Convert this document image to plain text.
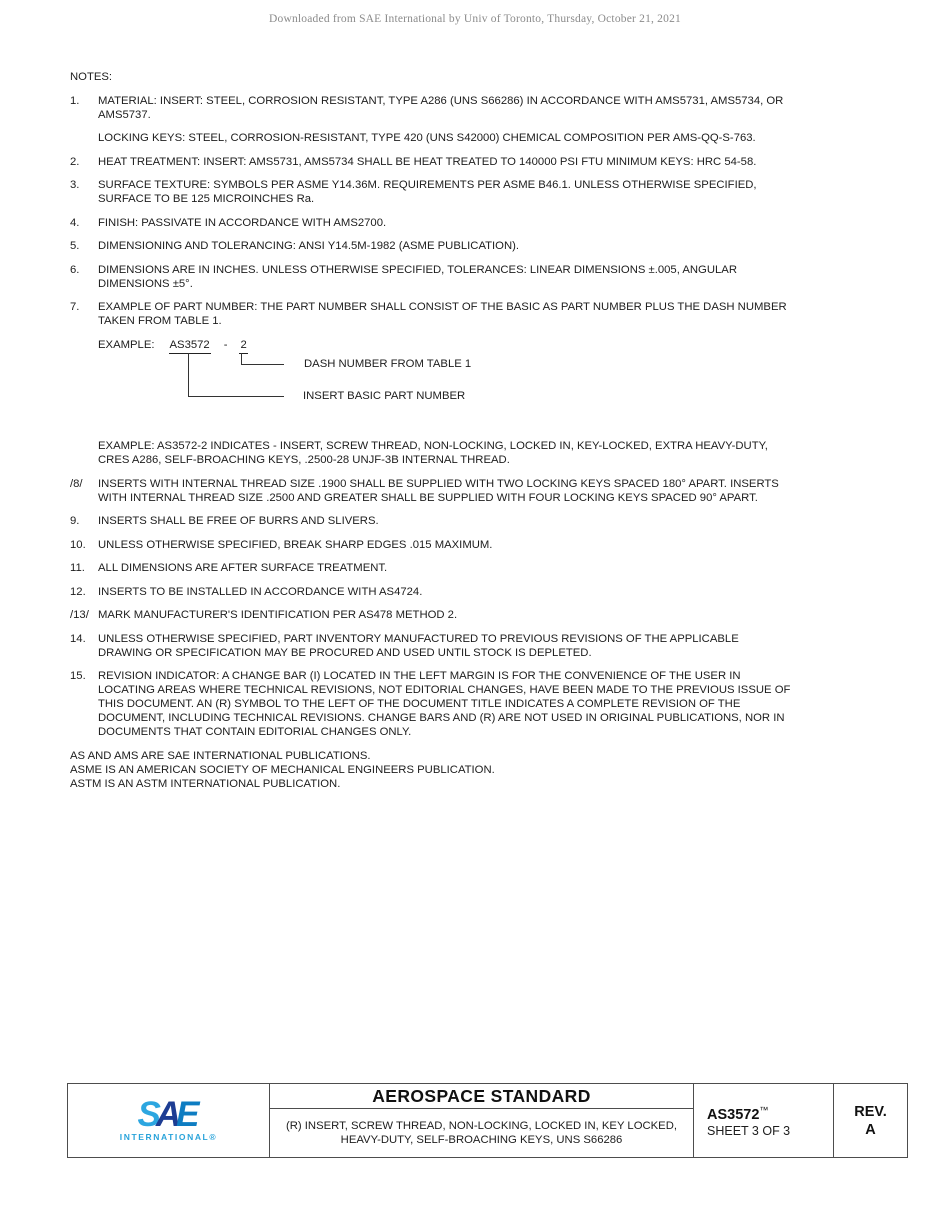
Downloaded from SAE International by Univ of Toronto, Thursday, October 21, 2021
NOTES:
1.	MATERIAL: INSERT: STEEL, CORROSION RESISTANT, TYPE A286 (UNS S66286) IN ACCORDANCE WITH AMS5731, AMS5734, OR
AMS5737.
LOCKING KEYS: STEEL, CORROSION-RESISTANT, TYPE 420 (UNS S42000) CHEMICAL COMPOSITION PER AMS-QQ-S-763.
2.	HEAT TREATMENT: INSERT: AMS5731, AMS5734 SHALL BE HEAT TREATED TO 140000 PSI FTU MINIMUM KEYS: HRC 54-58.
3.	SURFACE TEXTURE: SYMBOLS PER ASME Y14.36M. REQUIREMENTS PER ASME B46.1. UNLESS OTHERWISE SPECIFIED,
SURFACE TO BE 125 MICROINCHES Ra.
4.	FINISH: PASSIVATE IN ACCORDANCE WITH AMS2700.
5.	DIMENSIONING AND TOLERANCING: ANSI Y14.5M-1982 (ASME PUBLICATION).
6.	DIMENSIONS ARE IN INCHES. UNLESS OTHERWISE SPECIFIED, TOLERANCES: LINEAR DIMENSIONS ±.005, ANGULAR
DIMENSIONS ±5°.
7.	EXAMPLE OF PART NUMBER: THE PART NUMBER SHALL CONSIST OF THE BASIC AS PART NUMBER PLUS THE DASH NUMBER
TAKEN FROM TABLE 1.
EXAMPLE: AS3572 - 2
DASH NUMBER FROM TABLE 1
INSERT BASIC PART NUMBER
EXAMPLE: AS3572-2 INDICATES - INSERT, SCREW THREAD, NON-LOCKING, LOCKED IN, KEY-LOCKED, EXTRA HEAVY-DUTY,
CRES A286, SELF-BROACHING KEYS, .2500-28 UNJF-3B INTERNAL THREAD.
/8/	INSERTS WITH INTERNAL THREAD SIZE .1900 SHALL BE SUPPLIED WITH TWO LOCKING KEYS SPACED 180° APART. INSERTS
WITH INTERNAL THREAD SIZE .2500 AND GREATER SHALL BE SUPPLIED WITH FOUR LOCKING KEYS SPACED 90° APART.
9.	INSERTS SHALL BE FREE OF BURRS AND SLIVERS.
10.	UNLESS OTHERWISE SPECIFIED, BREAK SHARP EDGES .015 MAXIMUM.
11.	ALL DIMENSIONS ARE AFTER SURFACE TREATMENT.
12.	INSERTS TO BE INSTALLED IN ACCORDANCE WITH AS4724.
/13/ MARK MANUFACTURER'S IDENTIFICATION PER AS478 METHOD 2.
14.	UNLESS OTHERWISE SPECIFIED, PART INVENTORY MANUFACTURED TO PREVIOUS REVISIONS OF THE APPLICABLE
DRAWING OR SPECIFICATION MAY BE PROCURED AND USED UNTIL STOCK IS DEPLETED.
15.	REVISION INDICATOR: A CHANGE BAR (I) LOCATED IN THE LEFT MARGIN IS FOR THE CONVENIENCE OF THE USER IN
LOCATING AREAS WHERE TECHNICAL REVISIONS, NOT EDITORIAL CHANGES, HAVE BEEN MADE TO THE PREVIOUS ISSUE OF
THIS DOCUMENT. AN (R) SYMBOL TO THE LEFT OF THE DOCUMENT TITLE INDICATES A COMPLETE REVISION OF THE
DOCUMENT, INCLUDING TECHNICAL REVISIONS. CHANGE BARS AND (R) ARE NOT USED IN ORIGINAL PUBLICATIONS, NOR IN
DOCUMENTS THAT CONTAIN EDITORIAL CHANGES ONLY.
AS AND AMS ARE SAE INTERNATIONAL PUBLICATIONS.
ASME IS AN AMERICAN SOCIETY OF MECHANICAL ENGINEERS PUBLICATION.
ASTM IS AN ASTM INTERNATIONAL PUBLICATION.
SAE
INTERNATIONAL®
AEROSPACE STANDARD
(R) INSERT, SCREW THREAD, NON-LOCKING, LOCKED IN, KEY LOCKED,
HEAVY-DUTY, SELF-BROACHING KEYS, UNS S66286
AS3572™
SHEET 3 OF 3
REV.
A
